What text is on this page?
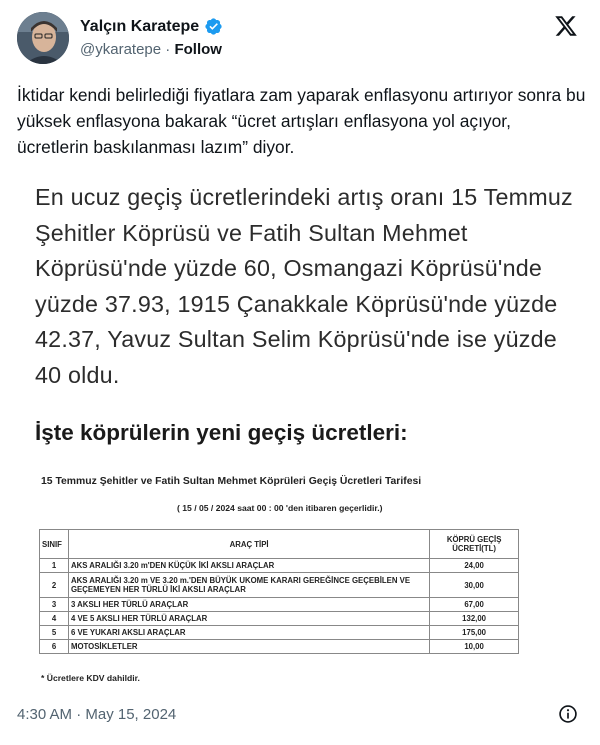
Yalçın Karatepe
@ykaratepe · Follow

İktidar kendi belirlediği fiyatlara zam yaparak enflasyonu artırıyor sonra bu yüksek enflasyona bakarak “ücret artışları enflasyona yol açıyor, ücretlerin baskılanması lazım” diyor.

En ucuz geçiş ücretlerindeki artış oranı 15 Temmuz Şehitler Köprüsü ve Fatih Sultan Mehmet Köprüsü'nde yüzde 60, Osmangazi Köprüsü'nde yüzde 37.93, 1915 Çanakkale Köprüsü'nde yüzde 42.37, Yavuz Sultan Selim Köprüsü'nde ise yüzde 40 oldu.

İşte köprülerin yeni geçiş ücretleri:

15 Temmuz Şehitler ve Fatih Sultan Mehmet Köprüleri Geçiş Ücretleri Tarifesi
( 15 / 05 / 2024 saat 00 : 00 'den itibaren geçerlidir.)
SINIF	ARAÇ TİPİ	KÖPRÜ GEÇİŞ
ÜCRETİ(TL)

1	AKS ARALIĞI 3.20 m'DEN KÜÇÜK İKİ AKSLI ARAÇLAR	24,00
2	AKS ARALIĞI 3.20 m VE 3.20 m.'DEN BÜYÜK UKOME KARARI GEREĞİNCE GEÇEBİLEN VE GEÇEMEYEN HER TÜRLÜ İKİ AKSLI ARAÇLAR	30,00
3	3 AKSLI HER TÜRLÜ ARAÇLAR	67,00
4	4 VE 5 AKSLI HER TÜRLÜ ARAÇLAR	132,00
5	6 VE YUKARI AKSLI ARAÇLAR	175,00
6	MOTOSİKLETLER	10,00
* Ücretlere KDV dahildir.
4:30 AM · May 15, 2024
